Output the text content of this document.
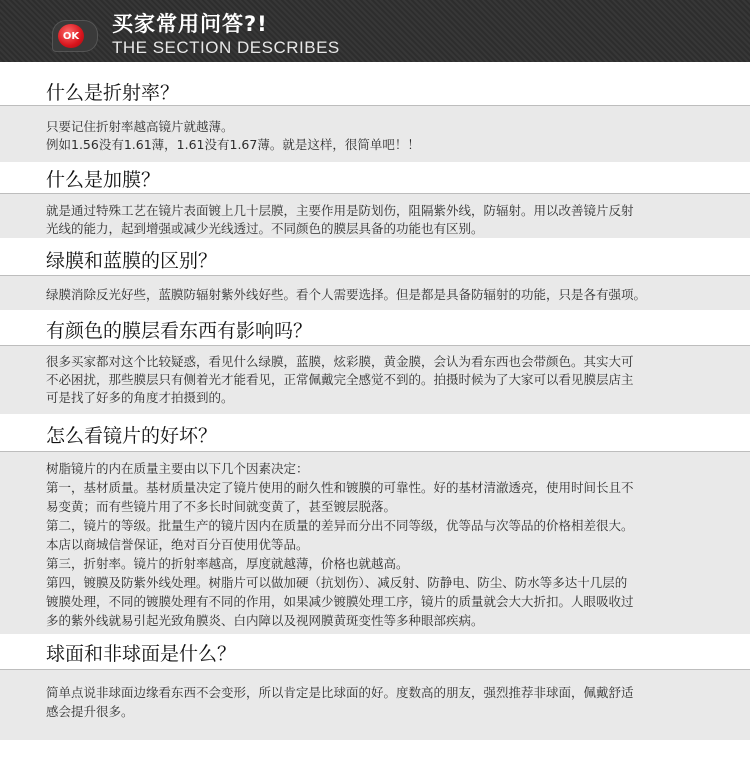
OK 买家常用问答?!
THE SECTION DESCRIBES
什么是折射率？
只要记住折射率越高镜片就越薄。
例如1.56没有1.61薄，1.61没有1.67薄。就是这样，很简单吧！！
什么是加膜？
就是通过特殊工艺在镜片表面镀上几十层膜，主要作用是防划伤，阻隔紫外线，防辐射。用以改善镜片反射
光线的能力，起到增强或减少光线透过。不同颜色的膜层具备的功能也有区别。
绿膜和蓝膜的区别？
绿膜消除反光好些，蓝膜防辐射紫外线好些。看个人需要选择。但是都是具备防辐射的功能，只是各有强项。
有颜色的膜层看东西有影响吗？
很多买家都对这个比较疑惑，看见什么绿膜，蓝膜，炫彩膜，黄金膜，会认为看东西也会带颜色。其实大可
不必困扰，那些膜层只有侧着光才能看见，正常佩戴完全感觉不到的。拍摄时候为了大家可以看见膜层店主
可是找了好多的角度才拍摄到的。
怎么看镜片的好坏？
树脂镜片的内在质量主要由以下几个因素决定：
第一，基材质量。基材质量决定了镜片使用的耐久性和镀膜的可靠性。好的基材清澈透亮，使用时间长且不
易变黄；而有些镜片用了不多长时间就变黄了，甚至镀层脱落。
第二，镜片的等级。批量生产的镜片因内在质量的差异而分出不同等级，优等品与次等品的价格相差很大。
本店以商城信誉保证，绝对百分百使用优等品。
第三，折射率。镜片的折射率越高，厚度就越薄，价格也就越高。
第四，镀膜及防紫外线处理。树脂片可以做加硬（抗划伤）、减反射、防静电、防尘、防水等多达十几层的
镀膜处理，不同的镀膜处理有不同的作用，如果减少镀膜处理工序，镜片的质量就会大大折扣。人眼吸收过
多的紫外线就易引起光致角膜炎、白内障以及视网膜黄斑变性等多种眼部疾病。
球面和非球面是什么？
简单点说非球面边缘看东西不会变形，所以肯定是比球面的好。度数高的朋友，强烈推荐非球面，佩戴舒适
感会提升很多。
